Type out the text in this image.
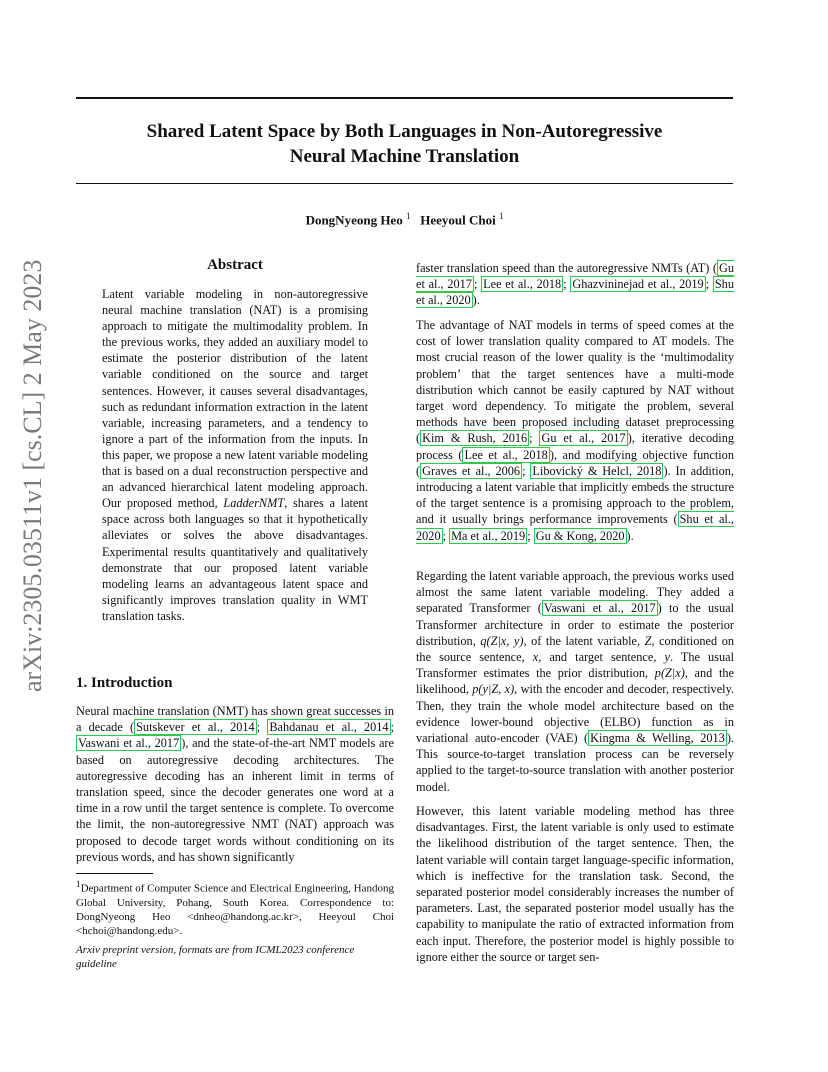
Shared Latent Space by Both Languages in Non-Autoregressive
Neural Machine Translation
DongNyeong Heo $^1$ Heeyoul Choi $^1$
arXiv:2305.03511v1 [cs.CL] 2 May 2023	Abstract
Latent variable modeling in non-autoregressive neural machine translation (NAT) is a promising approach to mitigate the multimodality problem. In the previous works, they added an auxiliary model to estimate the posterior distribution of the latent variable conditioned on the source and target sentences. However, it causes several disadvantages, such as redundant information extraction in the latent variable, increasing parameters, and a tendency to ignore a part of the information from the inputs. In this paper, we propose a new latent variable modeling that is based on a dual reconstruction perspective and an advanced hierarchical latent modeling approach. Our proposed method, LadderNMT, shares a latent space across both languages so that it hypothetically alleviates or solves the above disadvantages. Experimental results quantitatively and qualitatively demonstrate that our proposed latent variable modeling learns an advantageous latent space and significantly improves translation quality in WMT translation tasks.
1. Introduction

Neural machine translation (NMT) has shown great successes in a decade ( Sutskever et al., 2014 ; Bahdanau et al., 2014 ; Vaswani et al., 2017 ), and the state-of-the-art NMT models are based on autoregressive decoding architectures. The autoregressive decoding has an inherent limit in terms of translation speed, since the decoder generates one word at a time in a row until the target sentence is complete. To overcome the limit, the non-autoregressive NMT (NAT) approach was proposed to decode target words without conditioning on its previous words, and has shown significantly

$^1$Department of Computer Science and Electrical Engineering, Handong Global University, Pohang, South Korea. Correspondence to: DongNyeong Heo <dnheo@handong.ac.kr>, Heeyoul Choi <hchoi@handong.edu>.
Arxiv preprint version, formats are from ICML2023 conference guideline

faster translation speed than the autoregressive NMTs (AT) ( Gu et al., 2017 ; Lee et al., 2018 ; Ghazvininejad et al., 2019 ; Shu et al., 2020 ).

The advantage of NAT models in terms of speed comes at the cost of lower translation quality compared to AT models. The most crucial reason of the lower quality is the ‘multimodality problem’ that the target sentences have a multi-mode distribution which cannot be easily captured by NAT without target word dependency. To mitigate the problem, several methods have been proposed including dataset preprocessing ( Kim & Rush, 2016 ; Gu et al., 2017 ), iterative decoding process ( Lee et al., 2018 ), and modifying objective function ( Graves et al., 2006 ; Libovický & Helcl, 2018 ). In addition, introducing a latent variable that implicitly embeds the structure of the target sentence is a promising approach to the problem, and it usually brings performance improvements ( Shu et al., 2020 ; Ma et al., 2019 ; Gu & Kong, 2020 ).

Regarding the latent variable approach, the previous works used almost the same latent variable modeling. They added a separated Transformer ( Vaswani et al., 2017 ) to the usual Transformer architecture in order to estimate the posterior distribution, q(Z|x, y), of the latent variable, Z, conditioned on the source sentence, x, and target sentence, y. The usual Transformer estimates the prior distribution, p(Z|x), and the likelihood, p(y|Z, x), with the encoder and decoder, respectively. Then, they train the whole model architecture based on the evidence lower-bound objective (ELBO) function as in variational auto-encoder (VAE) ( Kingma & Welling, 2013 ). This source-to-target translation process can be reversely applied to the target-to-source translation with another posterior model.

However, this latent variable modeling method has three disadvantages. First, the latent variable is only used to estimate the likelihood distribution of the target sentence. Then, the latent variable will contain target language-specific information, which is ineffective for the translation task. Second, the separated posterior model considerably increases the number of parameters. Last, the separated posterior model usually has the capability to manipulate the ratio of extracted information from each input. Therefore, the posterior model is highly possible to ignore either the source or target sen-
